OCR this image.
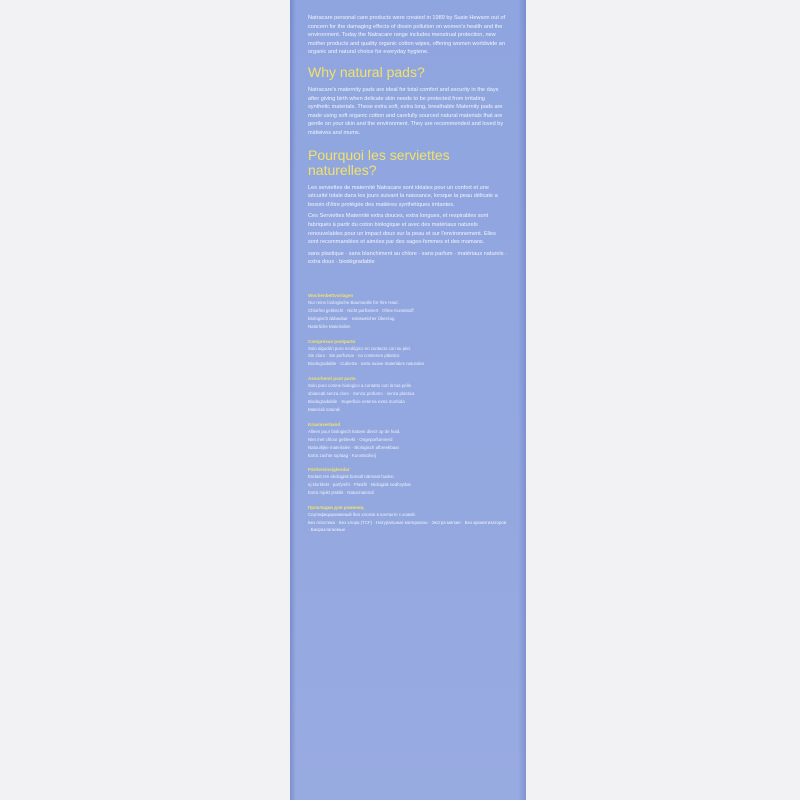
Natracare personal care products were created in 1989 by Susie Hewson out of concern for the damaging effects of dioxin pollution on women's health and the environment. Today the Natracare range includes menstrual protection, new mother products and quality organic cotton wipes, offering women worldwide an organic and natural choice for everyday hygiene.

Why natural pads?

Natracare's maternity pads are ideal for total comfort and security in the days after giving birth when delicate skin needs to be protected from irritating synthetic materials. These extra soft, extra long, breathable Maternity pads are made using soft organic cotton and carefully sourced natural materials that are gentle on your skin and the environment. They are recommended and loved by midwives and mums.

Pourquoi les serviettes naturelles?

Les serviettes de maternité Natracare sont idéales pour un confort et une sécurité totale dans les jours suivant la naissance, lorsque la peau délicate a besoin d'être protégée des matières synthétiques irritantes.

Ces Serviettes Maternité extra douces, extra longues, et respirables sont fabriqués à partir du coton biologique et avec des matériaux naturels renouvelables pour un impact doux sur la peau et sur l'environnement. Elles sont recommandées et aimées par des sages-femmes et des mamans.

sans plastique · sans blanchiment au chlore · sans parfum · matériaux naturels · extra doux · biodégradable

Wochenbettvorlagen

Nur reine biologische Baumwolle für Ihre Haut.

Chlorfrei gebleicht · Nicht parfümiert · Ohne Kunststoff

Biologisch abbaubar · extraweicher Überzug

Natürliche Materialien

Compresas postparto

Solo algodón puro ecológico en contacto con su piel.

Sin cloro · Sin perfumar · no contienen plástico

Biodegradable · Cubierta · extra suave materiales naturales

Assorbenti post parto

Solo puro cotone biologico a contatto con la tua pelle.

sbiancati senza cloro · Senza profumo · senza plastica

Biodegradabile · Superficie esterna extra morbida

Materiali naturali

Kraamverband

Alleen puur biologisch katoen direct op de huid.

Niet met chloor gebleekt · Ongeparfumeerd

Natuurlijke materialen · Biologisch afbreekbaar

Extra zachte toplaag · Kunststofvrij

Pärtiersinsiglendar

Endast ren ekologisk bomull närmast huden.

ej klorblekt · parfymfri · Plastfri · Biologisk nedbrytbar

Extra mjukt ytskikt · Naturmaterial

Прокладки для рожениц

Сертифицированный био хлопок в контакте с кожей.

Без пластика · Без хлора (TCF) · Натуральные материалы · Экстра мягкие · Без ароматизаторов · Биоразлагаемые
